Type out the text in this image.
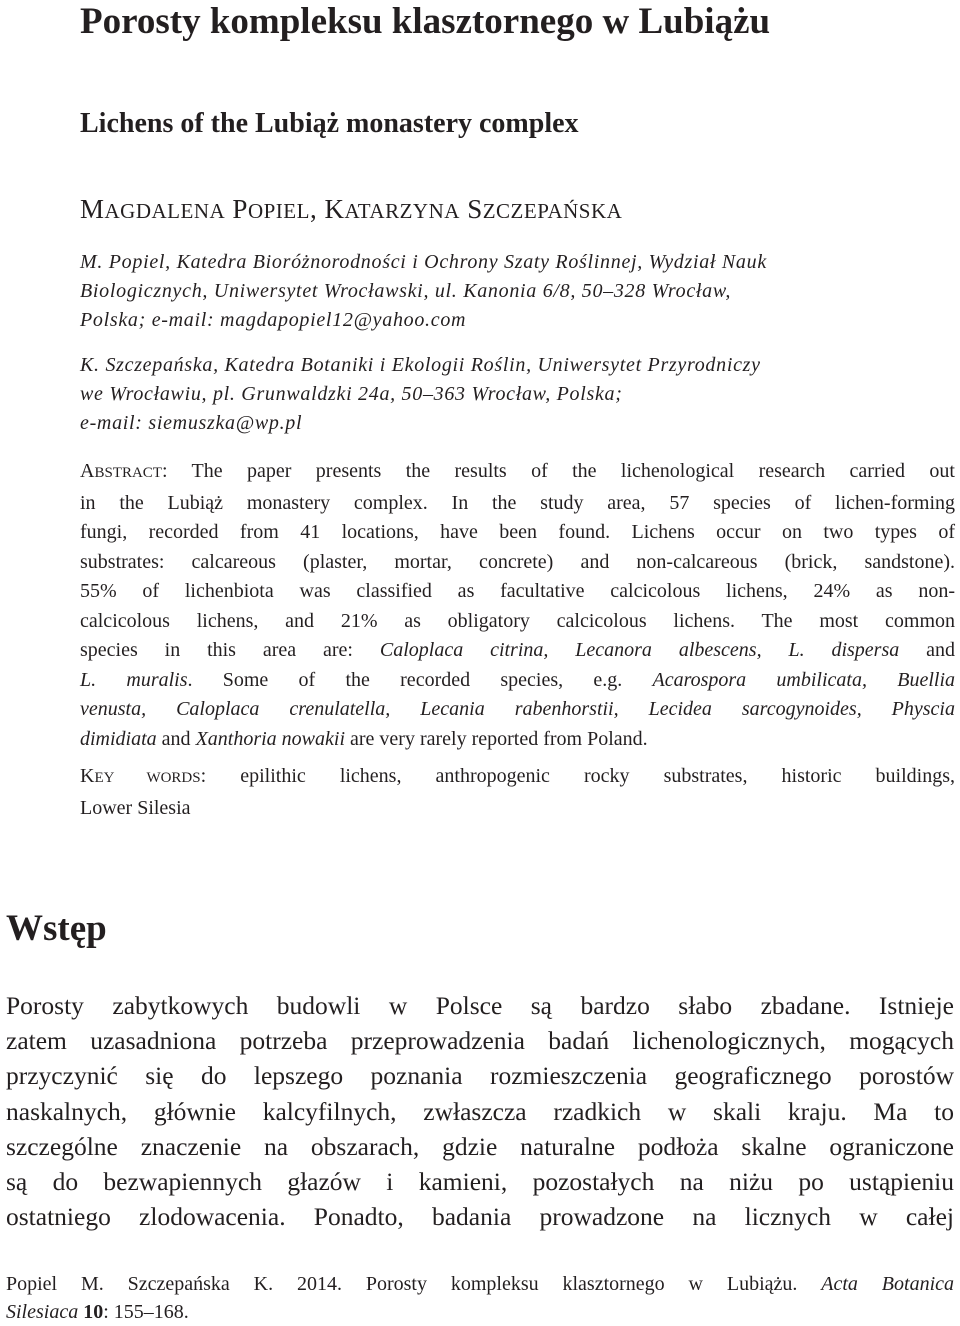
Porosty kompleksu klasztornego w Lubiążu
Lichens of the Lubiąż monastery complex
MAGDALENA POPIEL, KATARZYNA SZCZEPAŃSKA
M. Popiel, Katedra Bioróżnorodności i Ochrony Szaty Roślinnej, Wydział Nauk
Biologicznych, Uniwersytet Wrocławski, ul. Kanonia 6/8, 50–328 Wrocław,
Polska; e-mail: magdapopiel12@yahoo.com
K. Szczepańska, Katedra Botaniki i Ekologii Roślin, Uniwersytet Przyrodniczy
we Wrocławiu, pl. Grunwaldzki 24a, 50–363 Wrocław, Polska;
e-mail: siemuszka@wp.pl
ABSTRACT: The paper presents the results of the lichenological research carried out
in the Lubiąż monastery complex. In the study area, 57 species of lichen-forming
fungi, recorded from 41 locations, have been found. Lichens occur on two types of
substrates: calcareous (plaster, mortar, concrete) and non-calcareous (brick, sandstone).
55% of lichenbiota was classified as facultative calcicolous lichens, 24% as non-
calcicolous lichens, and 21% as obligatory calcicolous lichens. The most common
species in this area are: Caloplaca citrina, Lecanora albescens, L. dispersa and
L. muralis. Some of the recorded species, e.g. Acarospora umbilicata, Buellia
venusta, Caloplaca crenulatella, Lecania rabenhorstii, Lecidea sarcogynoides, Physcia
dimidiata and Xanthoria nowakii are very rarely reported from Poland.
KEY WORDS: epilithic lichens, anthropogenic rocky substrates, historic buildings,
Lower Silesia
Wstęp
Porosty zabytkowych budowli w Polsce są bardzo słabo zbadane. Istnieje
zatem uzasadniona potrzeba przeprowadzenia badań lichenologicznych, mogących
przyczynić się do lepszego poznania rozmieszczenia geograficznego porostów
naskalnych, głównie kalcyfilnych, zwłaszcza rzadkich w skali kraju. Ma to
szczególne znaczenie na obszarach, gdzie naturalne podłoża skalne ograniczone
są do bezwapiennych głazów i kamieni, pozostałych na niżu po ustąpieniu
ostatniego zlodowacenia. Ponadto, badania prowadzone na licznych w całej
Popiel M. Szczepańska K. 2014. Porosty kompleksu klasztornego w Lubiążu. Acta Botanica
Silesiaca 10: 155–168.
